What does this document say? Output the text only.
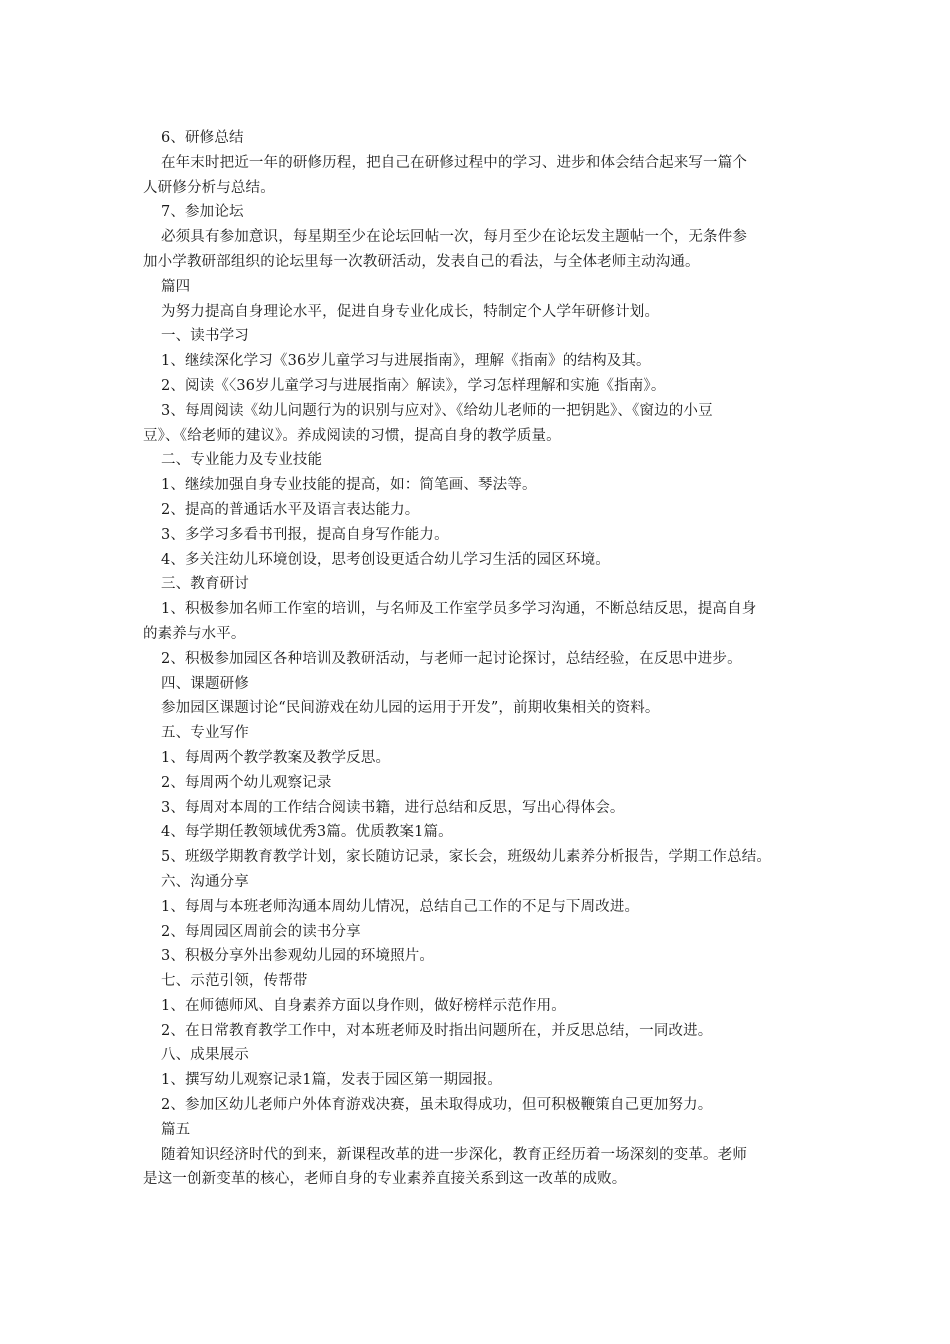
6、研修总结
在年末时把近一年的研修历程，把自己在研修过程中的学习、进步和体会结合起来写一篇个
人研修分析与总结。
7、参加论坛
必须具有参加意识，每星期至少在论坛回帖一次，每月至少在论坛发主题帖一个，无条件参
加小学教研部组织的论坛里每一次教研活动，发表自己的看法，与全体老师主动沟通。
篇四
为努力提高自身理论水平，促进自身专业化成长，特制定个人学年研修计划。
一、读书学习
1、继续深化学习《36岁儿童学习与进展指南》，理解《指南》的结构及其。
2、阅读《〈36岁儿童学习与进展指南〉解读》，学习怎样理解和实施《指南》。
3、每周阅读《幼儿问题行为的识别与应对》、《给幼儿老师的一把钥匙》、《窗边的小豆
豆》、《给老师的建议》。养成阅读的习惯，提高自身的教学质量。
二、专业能力及专业技能
1、继续加强自身专业技能的提高，如：简笔画、琴法等。
2、提高的普通话水平及语言表达能力。
3、多学习多看书刊报，提高自身写作能力。
4、多关注幼儿环境创设，思考创设更适合幼儿学习生活的园区环境。
三、教育研讨
1、积极参加名师工作室的培训，与名师及工作室学员多学习沟通，不断总结反思，提高自身
的素养与水平。
2、积极参加园区各种培训及教研活动，与老师一起讨论探讨，总结经验，在反思中进步。
四、课题研修
参加园区课题讨论“民间游戏在幼儿园的运用于开发”，前期收集相关的资料。
五、专业写作
1、每周两个教学教案及教学反思。
2、每周两个幼儿观察记录
3、每周对本周的工作结合阅读书籍，进行总结和反思，写出心得体会。
4、每学期任教领域优秀3篇。优质教案1篇。
5、班级学期教育教学计划，家长随访记录，家长会，班级幼儿素养分析报告，学期工作总结。
六、沟通分享
1、每周与本班老师沟通本周幼儿情况，总结自己工作的不足与下周改进。
2、每周园区周前会的读书分享
3、积极分享外出参观幼儿园的环境照片。
七、示范引领，传帮带
1、在师德师风、自身素养方面以身作则，做好榜样示范作用。
2、在日常教育教学工作中，对本班老师及时指出问题所在，并反思总结，一同改进。
八、成果展示
1、撰写幼儿观察记录1篇，发表于园区第一期园报。
2、参加区幼儿老师户外体育游戏决赛，虽未取得成功，但可积极鞭策自己更加努力。
篇五
随着知识经济时代的到来，新课程改革的进一步深化，教育正经历着一场深刻的变革。老师
是这一创新变革的核心，老师自身的专业素养直接关系到这一改革的成败。
